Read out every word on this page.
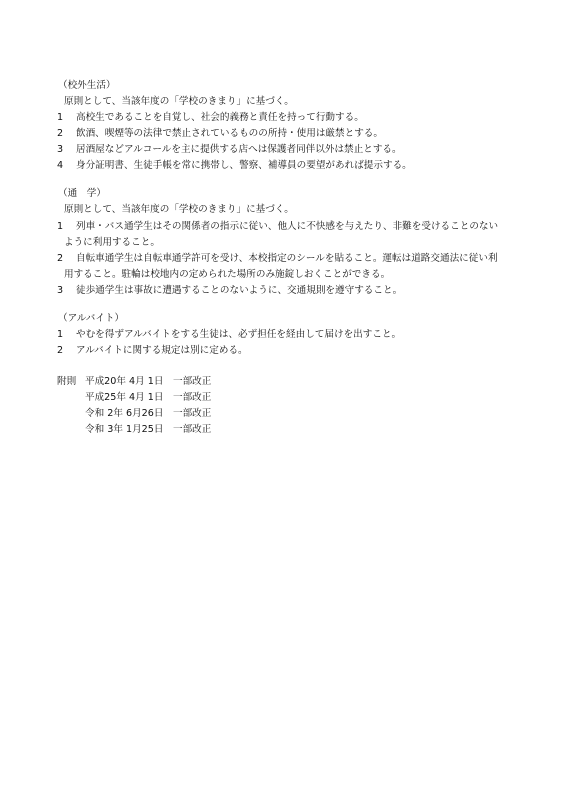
（校外生活）
原則として、当該年度の「学校のきまり」に基づく。
1 高校生であることを自覚し、社会的義務と責任を持って行動する。
2 飲酒、喫煙等の法律で禁止されているものの所持・使用は厳禁とする。
3 居酒屋などアルコールを主に提供する店へは保護者同伴以外は禁止とする。
4 身分証明書、生徒手帳を常に携帯し、警察、補導員の要望があれば提示する。
（通　学）
原則として、当該年度の「学校のきまり」に基づく。
1 列車・バス通学生はその関係者の指示に従い、他人に不快感を与えたり、非難を受けることのない
ように利用すること。
2 自転車通学生は自転車通学許可を受け、本校指定のシールを貼ること。運転は道路交通法に従い利
用すること。駐輪は校地内の定められた場所のみ施錠しおくことができる。
3 徒歩通学生は事故に遭遇することのないように、交通規則を遵守すること。
（アルバイト）
1 やむを得ずアルバイトをする生徒は、必ず担任を経由して届けを出すこと。
2 アルバイトに関する規定は別に定める。
附則 平成20年 4月 1日 一部改正
平成25年 4月 1日 一部改正
令和 2年 6月26日 一部改正
令和 3年 1月25日 一部改正
